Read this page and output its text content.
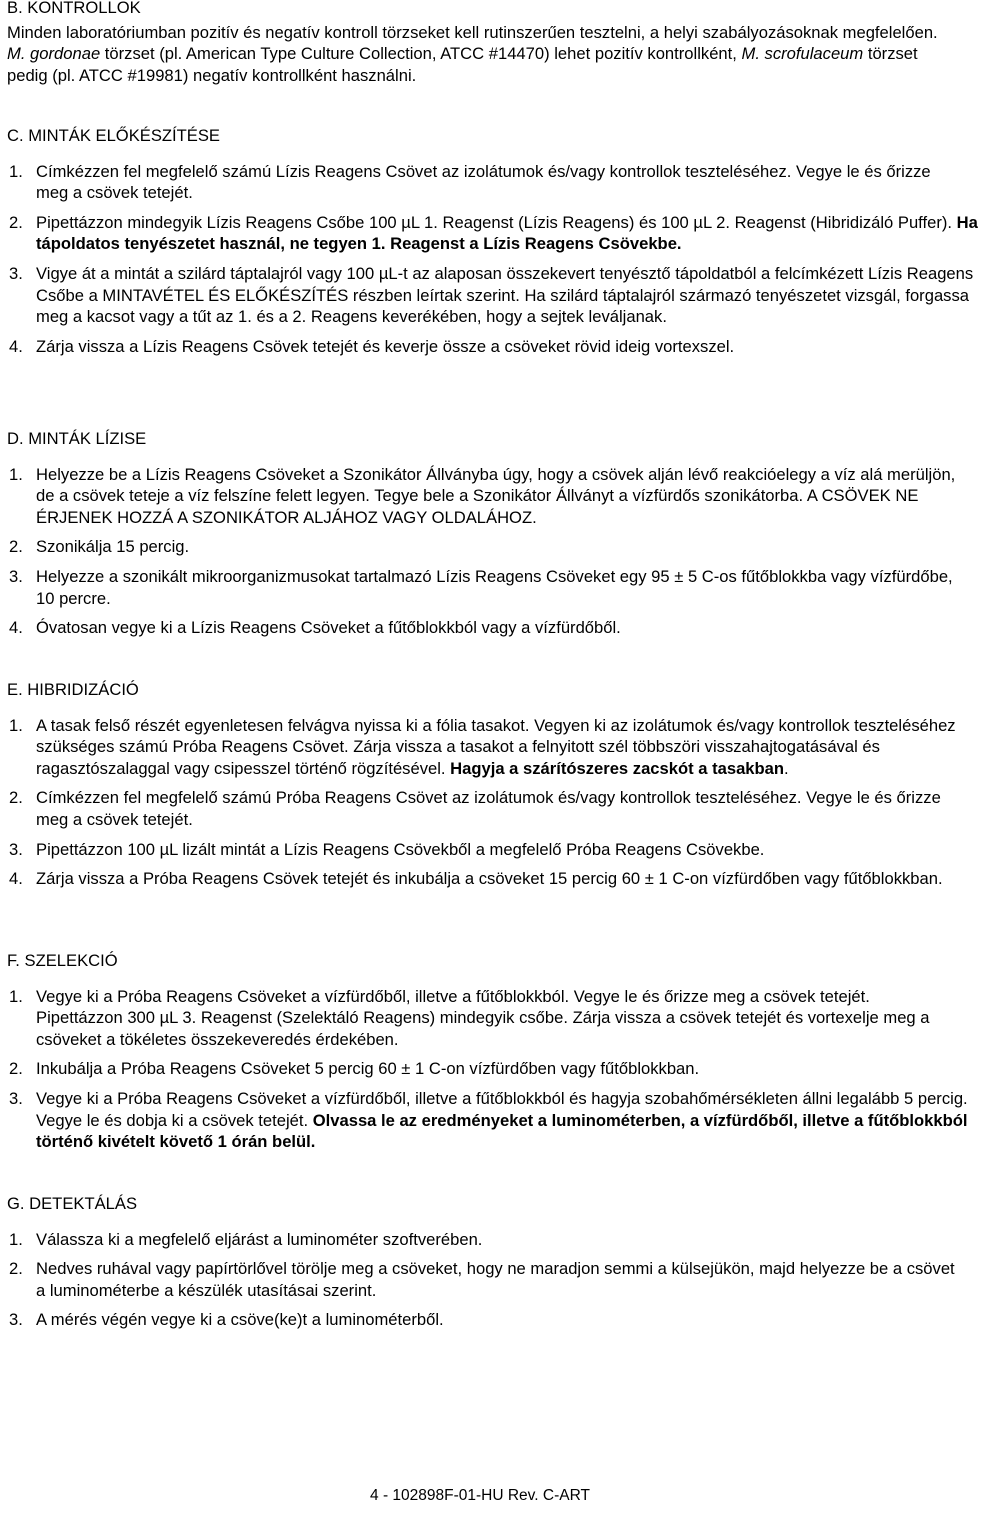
B. KONTROLLOK

Minden laboratóriumban pozitív és negatív kontroll törzseket kell rutinszerűen tesztelni, a helyi szabályozásoknak megfelelően. M. gordonae törzset (pl. American Type Culture Collection, ATCC #14470) lehet pozitív kontrollként, M. scrofulaceum törzset pedig (pl. ATCC #19981) negatív kontrollként használni.

C. MINTÁK ELŐKÉSZÍTÉSE
1. Címkézzen fel megfelelő számú Lízis Reagens Csövet az izolátumok és/vagy kontrollok teszteléséhez. Vegye le és őrizze meg a csövek tetejét.
2. Pipettázzon mindegyik Lízis Reagens Csőbe 100 µL 1. Reagenst (Lízis Reagens) és 100 µL 2. Reagenst (Hibridizáló Puffer). Ha tápoldatos tenyészetet használ, ne tegyen 1. Reagenst a Lízis Reagens Csövekbe.
3. Vigye át a mintát a szilárd táptalajról vagy 100 µL-t az alaposan összekevert tenyésztő tápoldatból a felcímkézett Lízis Reagens Csőbe a MINTAVÉTEL ÉS ELŐKÉSZÍTÉS részben leírtak szerint. Ha szilárd táptalajról származó tenyészetet vizsgál, forgassa meg a kacsot vagy a tűt az 1. és a 2. Reagens keverékében, hogy a sejtek leváljanak.
4. Zárja vissza a Lízis Reagens Csövek tetejét és keverje össze a csöveket rövid ideig vortexszel.
D. MINTÁK LÍZISE
1. Helyezze be a Lízis Reagens Csöveket a Szonikátor Állványba úgy, hogy a csövek alján lévő reakcióelegy a víz alá merüljön, de a csövek teteje a víz felszíne felett legyen. Tegye bele a Szonikátor Állványt a vízfürdős szonikátorba. A CSÖVEK NE ÉRJENEK HOZZÁ A SZONIKÁTOR ALJÁHOZ VAGY OLDALÁHOZ.
2. Szonikálja 15 percig.
3. Helyezze a szonikált mikroorganizmusokat tartalmazó Lízis Reagens Csöveket egy 95 ± 5 C-os fűtőblokkba vagy vízfürdőbe, 10 percre.
4. Óvatosan vegye ki a Lízis Reagens Csöveket a fűtőblokkból vagy a vízfürdőből.
E. HIBRIDIZÁCIÓ
1. A tasak felső részét egyenletesen felvágva nyissa ki a fólia tasakot. Vegyen ki az izolátumok és/vagy kontrollok teszteléséhez szükséges számú Próba Reagens Csövet. Zárja vissza a tasakot a felnyitott szél többszöri visszahajtogatásával és ragasztószalaggal vagy csipesszel történő rögzítésével. Hagyja a szárítószeres zacskót a tasakban.
2. Címkézzen fel megfelelő számú Próba Reagens Csövet az izolátumok és/vagy kontrollok teszteléséhez. Vegye le és őrizze meg a csövek tetejét.
3. Pipettázzon 100 µL lizált mintát a Lízis Reagens Csövekből a megfelelő Próba Reagens Csövekbe.
4. Zárja vissza a Próba Reagens Csövek tetejét és inkubálja a csöveket 15 percig 60 ± 1 C-on vízfürdőben vagy fűtőblokkban.
F. SZELEKCIÓ
1. Vegye ki a Próba Reagens Csöveket a vízfürdőből, illetve a fűtőblokkból. Vegye le és őrizze meg a csövek tetejét. Pipettázzon 300 µL 3. Reagenst (Szelektáló Reagens) mindegyik csőbe. Zárja vissza a csövek tetejét és vortexelje meg a csöveket a tökéletes összekeveredés érdekében.
2. Inkubálja a Próba Reagens Csöveket 5 percig 60 ± 1 C-on vízfürdőben vagy fűtőblokkban.
3. Vegye ki a Próba Reagens Csöveket a vízfürdőből, illetve a fűtőblokkból és hagyja szobahőmérsékleten állni legalább 5 percig. Vegye le és dobja ki a csövek tetejét. Olvassa le az eredményeket a luminométerben, a vízfürdőből, illetve a fűtőblokkból történő kivételt követő 1 órán belül.
G. DETEKTÁLÁS
1. Válassza ki a megfelelő eljárást a luminométer szoftverében.
2. Nedves ruhával vagy papírtörlővel törölje meg a csöveket, hogy ne maradjon semmi a külsejükön, majd helyezze be a csövet a luminométerbe a készülék utasításai szerint.
3. A mérés végén vegye ki a csöve(ke)t a luminométerből.
4 - 102898F-01-HU Rev. C-ART
